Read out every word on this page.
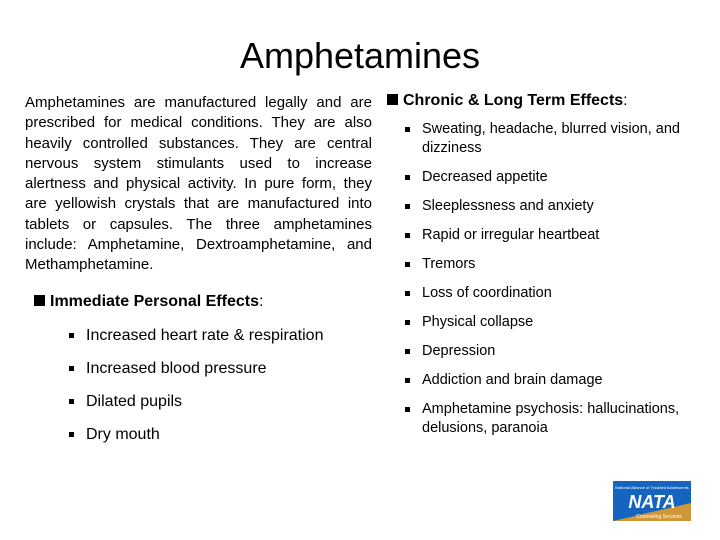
Amphetamines

Amphetamines are manufactured legally and are prescribed for medical conditions. They are also heavily controlled substances. They are central nervous system stimulants used to increase alertness and physical activity. In pure form, they are yellowish crystals that are manufactured into tablets or capsules. The three amphetamines include: Amphetamine, Dextroamphetamine, and Methamphetamine.

Immediate Personal Effects:
Increased heart rate & respiration
Increased blood pressure
Dilated pupils
Dry mouth
Chronic & Long Term Effects:
Sweating, headache, blurred vision, and dizziness
Decreased appetite
Sleeplessness and anxiety
Rapid or irregular heartbeat
Tremors
Loss of coordination
Physical collapse
Depression
Addiction and brain damage
Amphetamine psychosis: hallucinations, delusions, paranoia
National Alliance of Troubled Adolescents
NATA
Counseling Services
